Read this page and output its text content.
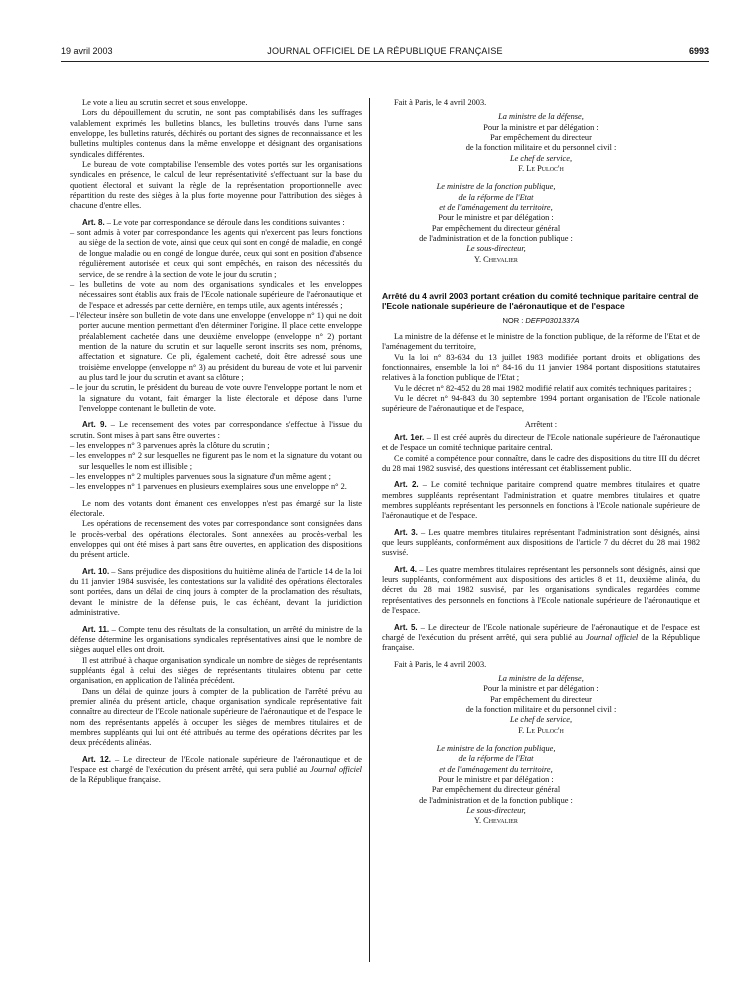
19 avril 2003	JOURNAL OFFICIEL DE LA RÉPUBLIQUE FRANÇAISE	6993

Le vote a lieu au scrutin secret et sous enveloppe.

Lors du dépouillement du scrutin, ne sont pas comptabilisés dans les suffrages valablement exprimés les bulletins blancs, les bulletins trouvés dans l'urne sans enveloppe, les bulletins raturés, déchirés ou portant des signes de reconnaissance et les bulletins multiples contenus dans la même enveloppe et désignant des organisations syndicales différentes.

Le bureau de vote comptabilise l'ensemble des votes portés sur les organisations syndicales en présence, le calcul de leur représentativité s'effectuant sur la base du quotient électoral et suivant la règle de la représentation proportionnelle avec répartition du reste des sièges à la plus forte moyenne pour l'attribution des sièges à chacune d'entre elles.

Art. 8. – Le vote par correspondance se déroule dans les conditions suivantes :

– sont admis à voter par correspondance les agents qui n'exercent pas leurs fonctions au siège de la section de vote, ainsi que ceux qui sont en congé de maladie, en congé de longue maladie ou en congé de longue durée, ceux qui sont en position d'absence régulièrement autorisée et ceux qui sont empêchés, en raison des nécessités du service, de se rendre à la section de vote le jour du scrutin ;
– les bulletins de vote au nom des organisations syndicales et les enveloppes nécessaires sont établis aux frais de l'Ecole nationale supérieure de l'aéronautique et de l'espace et adressés par cette dernière, en temps utile, aux agents intéressés ;
– l'électeur insère son bulletin de vote dans une enveloppe (enveloppe n° 1) qui ne doit porter aucune mention permettant d'en déterminer l'origine. Il place cette enveloppe préalablement cachetée dans une deuxième enveloppe (enveloppe n° 2) portant mention de la nature du scrutin et sur laquelle seront inscrits ses nom, prénoms, affectation et signature. Ce pli, également cacheté, doit être adressé sous une troisième enveloppe (enveloppe n° 3) au président du bureau de vote et lui parvenir au plus tard le jour du scrutin et avant sa clôture ;
– le jour du scrutin, le président du bureau de vote ouvre l'enveloppe portant le nom et la signature du votant, fait émarger la liste électorale et dépose dans l'urne l'enveloppe contenant le bulletin de vote.

Art. 9. – Le recensement des votes par correspondance s'effectue à l'issue du scrutin. Sont mises à part sans être ouvertes :

– les enveloppes n° 3 parvenues après la clôture du scrutin ;
– les enveloppes n° 2 sur lesquelles ne figurent pas le nom et la signature du votant ou sur lesquelles le nom est illisible ;
– les enveloppes n° 2 multiples parvenues sous la signature d'un même agent ;
– les enveloppes n° 1 parvenues en plusieurs exemplaires sous une enveloppe n° 2.

Le nom des votants dont émanent ces enveloppes n'est pas émargé sur la liste électorale.

Les opérations de recensement des votes par correspondance sont consignées dans le procès-verbal des opérations électorales. Sont annexées au procès-verbal les enveloppes qui ont été mises à part sans être ouvertes, en application des dispositions du présent article.

Art. 10. – Sans préjudice des dispositions du huitième alinéa de l'article 14 de la loi du 11 janvier 1984 susvisée, les contestations sur la validité des opérations électorales sont portées, dans un délai de cinq jours à compter de la proclamation des résultats, devant le ministre de la défense puis, le cas échéant, devant la juridiction administrative.

Art. 11. – Compte tenu des résultats de la consultation, un arrêté du ministre de la défense détermine les organisations syndicales représentatives ainsi que le nombre de sièges auquel elles ont droit.

Il est attribué à chaque organisation syndicale un nombre de sièges de représentants suppléants égal à celui des sièges de représentants titulaires obtenu par cette organisation, en application de l'alinéa précédent.

Dans un délai de quinze jours à compter de la publication de l'arrêté prévu au premier alinéa du présent article, chaque organisation syndicale représentative fait connaître au directeur de l'Ecole nationale supérieure de l'aéronautique et de l'espace le nom des représentants appelés à occuper les sièges de membres titulaires et de membres suppléants qui lui ont été attribués au terme des opérations décrites par les deux précédents alinéas.

Art. 12. – Le directeur de l'Ecole nationale supérieure de l'aéronautique et de l'espace est chargé de l'exécution du présent arrêté, qui sera publié au Journal officiel de la République française.

Fait à Paris, le 4 avril 2003.

La ministre de la défense,
Pour la ministre et par délégation :
Par empêchement du directeur
de la fonction militaire et du personnel civil :
Le chef de service,
F. Le Puloc'h
Le ministre de la fonction publique,
de la réforme de l'Etat
et de l'aménagement du territoire,
Pour le ministre et par délégation :
Par empêchement du directeur général
de l'administration et de la fonction publique :
Le sous-directeur,
Y. Chevalier
Arrêté du 4 avril 2003 portant création du comité technique paritaire central de l'Ecole nationale supérieure de l'aéronautique et de l'espace
NOR : DEFP0301337A

La ministre de la défense et le ministre de la fonction publique, de la réforme de l'Etat et de l'aménagement du territoire,

Vu la loi n° 83-634 du 13 juillet 1983 modifiée portant droits et obligations des fonctionnaires, ensemble la loi n° 84-16 du 11 janvier 1984 portant dispositions statutaires relatives à la fonction publique de l'Etat ;

Vu le décret n° 82-452 du 28 mai 1982 modifié relatif aux comités techniques paritaires ;

Vu le décret n° 94-843 du 30 septembre 1994 portant organisation de l'Ecole nationale supérieure de l'aéronautique et de l'espace,

Arrêtent :

Art. 1er. – Il est créé auprès du directeur de l'Ecole nationale supérieure de l'aéronautique et de l'espace un comité technique paritaire central.

Ce comité a compétence pour connaître, dans le cadre des dispositions du titre III du décret du 28 mai 1982 susvisé, des questions intéressant cet établissement public.

Art. 2. – Le comité technique paritaire comprend quatre membres titulaires et quatre membres suppléants représentant l'administration et quatre membres titulaires et quatre membres suppléants représentant les personnels en fonctions à l'Ecole nationale supérieure de l'aéronautique et de l'espace.

Art. 3. – Les quatre membres titulaires représentant l'administration sont désignés, ainsi que leurs suppléants, conformément aux dispositions de l'article 7 du décret du 28 mai 1982 susvisé.

Art. 4. – Les quatre membres titulaires représentant les personnels sont désignés, ainsi que leurs suppléants, conformément aux dispositions des articles 8 et 11, deuxième alinéa, du décret du 28 mai 1982 susvisé, par les organisations syndicales regardées comme représentatives des personnels en fonctions à l'Ecole nationale supérieure de l'aéronautique et de l'espace.

Art. 5. – Le directeur de l'Ecole nationale supérieure de l'aéronautique et de l'espace est chargé de l'exécution du présent arrêté, qui sera publié au Journal officiel de la République française.

Fait à Paris, le 4 avril 2003.

La ministre de la défense,
Pour la ministre et par délégation :
Par empêchement du directeur
de la fonction militaire et du personnel civil :
Le chef de service,
F. Le Puloc'h
Le ministre de la fonction publique,
de la réforme de l'Etat
et de l'aménagement du territoire,
Pour le ministre et par délégation :
Par empêchement du directeur général
de l'administration et de la fonction publique :
Le sous-directeur,
Y. Chevalier
